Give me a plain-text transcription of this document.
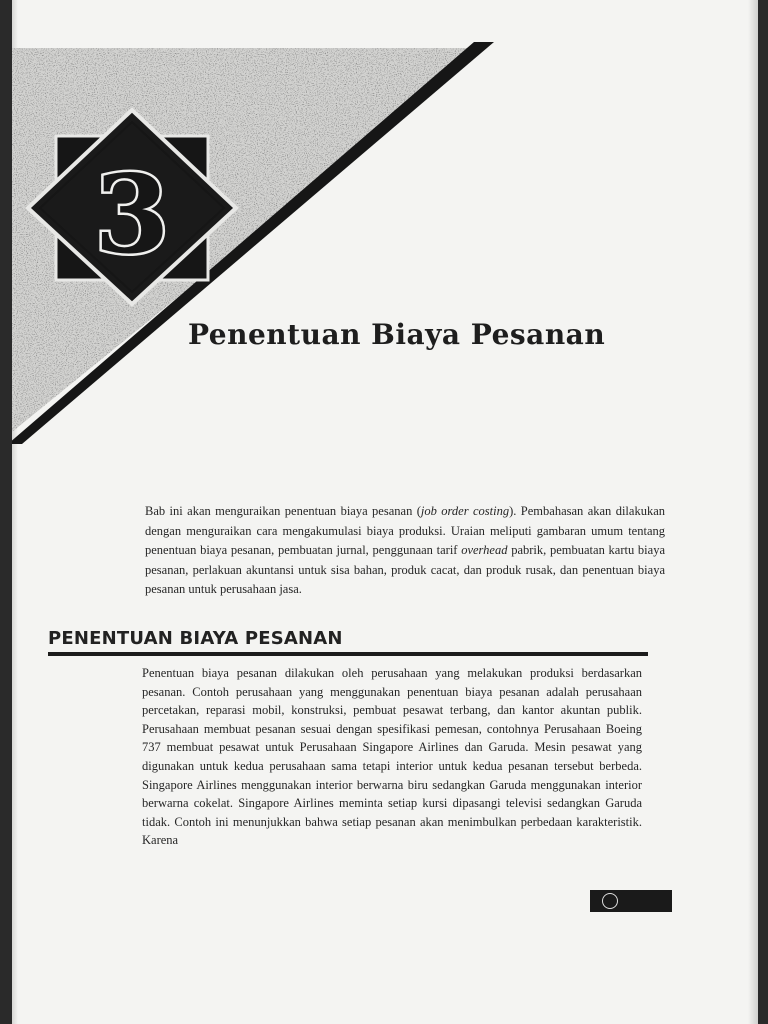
3
Penentuan Biaya Pesanan

Bab ini akan menguraikan penentuan biaya pesanan (job order costing). Pembahasan akan dilakukan dengan menguraikan cara mengakumulasi biaya produksi. Uraian meliputi gambaran umum tentang penentuan biaya pesanan, pembuatan jurnal, penggunaan tarif overhead pabrik, pembuatan kartu biaya pesanan, perlakuan akuntansi untuk sisa bahan, produk cacat, dan produk rusak, dan penentuan biaya pesanan untuk perusahaan jasa.

PENENTUAN BIAYA PESANAN

Penentuan biaya pesanan dilakukan oleh perusahaan yang melakukan produksi berdasarkan pesanan. Contoh perusahaan yang menggunakan penentuan biaya pesanan adalah perusahaan percetakan, reparasi mobil, konstruksi, pembuat pesawat terbang, dan kantor akuntan publik. Perusahaan membuat pesanan sesuai dengan spesifikasi pemesan, contohnya Perusahaan Boeing 737 membuat pesawat untuk Perusahaan Singapore Airlines dan Garuda. Mesin pesawat yang digunakan untuk kedua perusahaan sama tetapi interior untuk kedua pesanan tersebut berbeda. Singapore Airlines menggunakan interior berwarna biru sedangkan Garuda menggunakan interior berwarna cokelat. Singapore Airlines meminta setiap kursi dipasangi televisi sedangkan Garuda tidak. Contoh ini menunjukkan bahwa setiap pesanan akan menimbulkan perbedaan karakteristik. Karena
